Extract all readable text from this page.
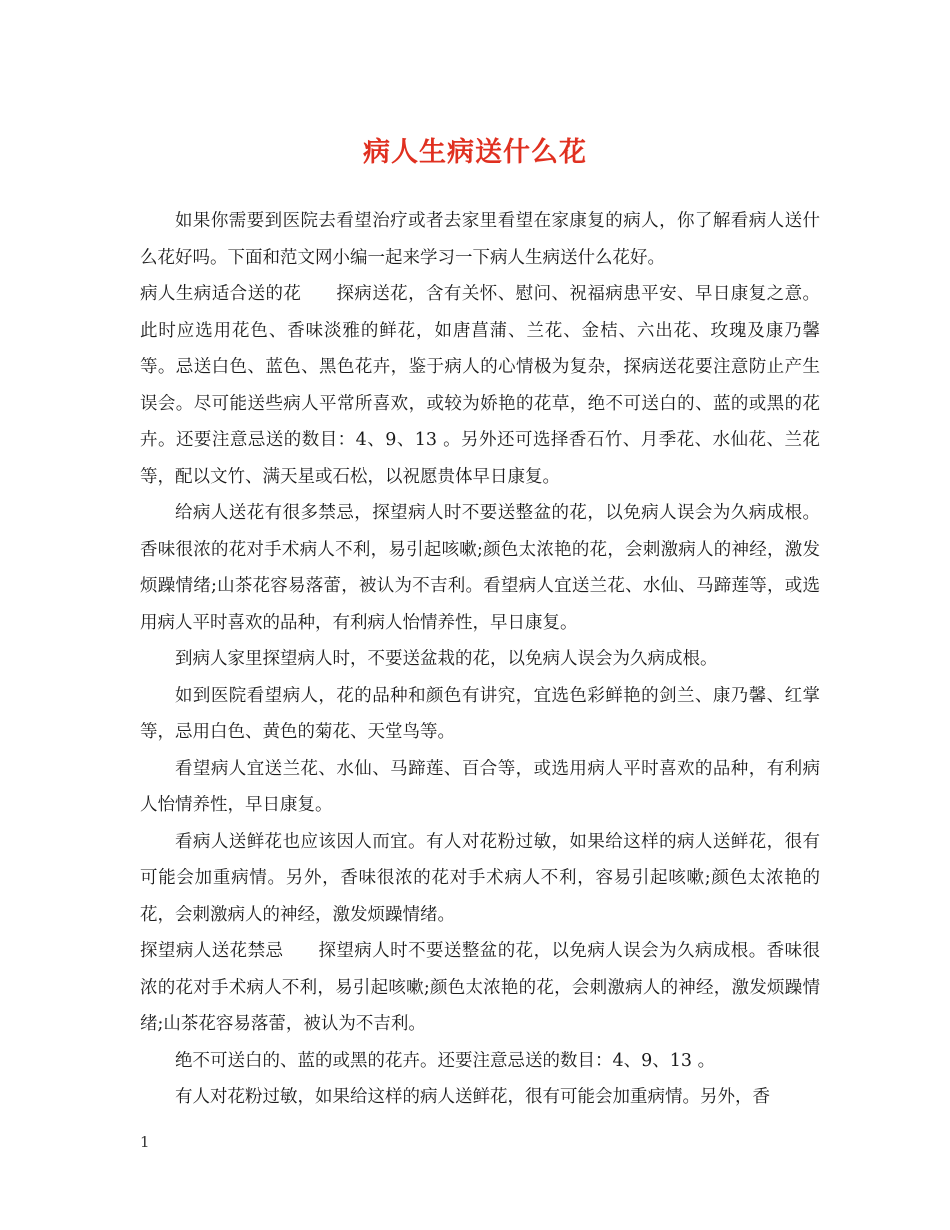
病人生病送什么花

如果你需要到医院去看望治疗或者去家里看望在家康复的病人，你了解看病人送什么花好吗。下面和范文网小编一起来学习一下病人生病送什么花好。

病人生病适合送的花 探病送花，含有关怀、慰问、祝福病患平安、早日康复之意。此时应选用花色、香味淡雅的鲜花，如唐菖蒲、兰花、金桔、六出花、玫瑰及康乃馨等。忌送白色、蓝色、黑色花卉，鉴于病人的心情极为复杂，探病送花要注意防止产生误会。尽可能送些病人平常所喜欢，或较为娇艳的花草，绝不可送白的、蓝的或黑的花卉。还要注意忌送的数目：4、9、13 。另外还可选择香石竹、月季花、水仙花、兰花等，配以文竹、满天星或石松，以祝愿贵体早日康复。

给病人送花有很多禁忌，探望病人时不要送整盆的花，以免病人误会为久病成根。香味很浓的花对手术病人不利，易引起咳嗽;颜色太浓艳的花，会刺激病人的神经，激发烦躁情绪;山茶花容易落蕾，被认为不吉利。看望病人宜送兰花、水仙、马蹄莲等，或选用病人平时喜欢的品种，有利病人怡情养性，早日康复。

到病人家里探望病人时，不要送盆栽的花，以免病人误会为久病成根。

如到医院看望病人，花的品种和颜色有讲究，宜选色彩鲜艳的剑兰、康乃馨、红掌等，忌用白色、黄色的菊花、天堂鸟等。

看望病人宜送兰花、水仙、马蹄莲、百合等，或选用病人平时喜欢的品种，有利病人怡情养性，早日康复。

看病人送鲜花也应该因人而宜。有人对花粉过敏，如果给这样的病人送鲜花，很有可能会加重病情。另外，香味很浓的花对手术病人不利，容易引起咳嗽;颜色太浓艳的花，会刺激病人的神经，激发烦躁情绪。

探望病人送花禁忌 探望病人时不要送整盆的花，以免病人误会为久病成根。香味很浓的花对手术病人不利，易引起咳嗽;颜色太浓艳的花，会刺激病人的神经，激发烦躁情绪;山茶花容易落蕾，被认为不吉利。

绝不可送白的、蓝的或黑的花卉。还要注意忌送的数目：4、9、13 。

有人对花粉过敏，如果给这样的病人送鲜花，很有可能会加重病情。另外，香

1
